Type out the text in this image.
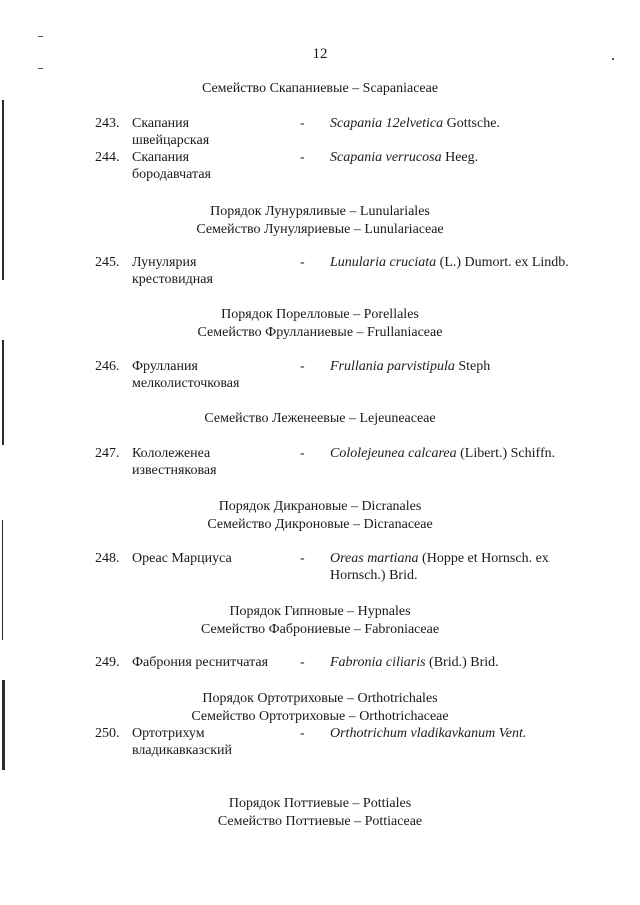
12
Семейство Скапаниевые – Scapaniaceae
243. Скапания
швейцарская
- Scapania 12elvetica Gottsche.
244. Скапания
бородавчатая
- Scapania verrucosa Heeg.
Порядок Лунуряливые – Lunulariales
Семейство Лунуляриевые – Lunulariaceae
245. Лунулярия
крестовидная
- Lunularia cruciata (L.) Dumort. ex Lindb.
Порядок Порелловые – Porellales
Семейство Фруллaниевые – Frullaniaceae
246. Фруллания
мелколисточковая
- Frullania parvistipula Steph
Семейство Леженеевые – Lejeuneaceae
247. Кололеженеа
известняковая
- Cololejeunea calcarea (Libert.) Schiffn.
Порядок Дикрановые – Dicranales
Семейство Дикроновые – Dicranaceae
248. Ореас Марциуса	- Oreas martiana (Hoppe et Hornsch. ex
Hornsch.) Brid.
Порядок Гипновые – Hypnales
Семейство Фаброниевые – Fabroniaceae
249. Фаброния реснитчатая	- Fabronia ciliaris (Brid.) Brid.
Порядок Ортотриховые – Orthotrichales
Семейство Ортотриховые – Orthotrichaceae
250. Ортотрихум
владикавказский
- Orthotrichum vladikavkanum Vent.
Порядок Поттиевые – Pottiales
Семейство Поттиевые – Pottiaceae
